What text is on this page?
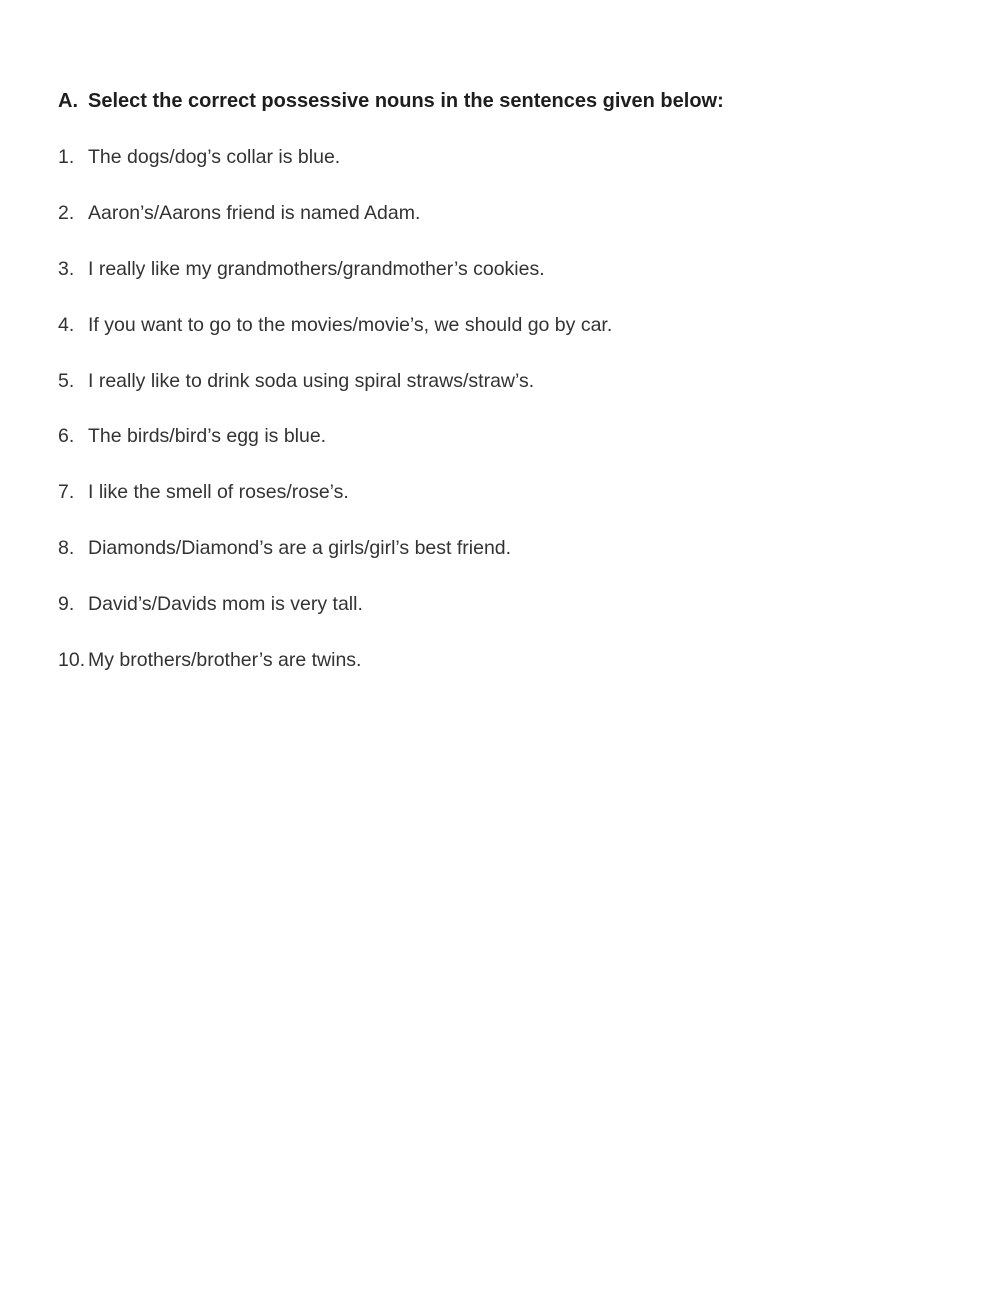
A. Select the correct possessive nouns in the sentences given below:
1. The dogs/dog’s collar is blue.
2. Aaron’s/Aarons friend is named Adam.
3. I really like my grandmothers/grandmother’s cookies.
4. If you want to go to the movies/movie’s, we should go by car.
5. I really like to drink soda using spiral straws/straw’s.
6. The birds/bird’s egg is blue.
7. I like the smell of roses/rose’s.
8. Diamonds/Diamond’s are a girls/girl’s best friend.
9. David’s/Davids mom is very tall.
10. My brothers/brother’s are twins.
